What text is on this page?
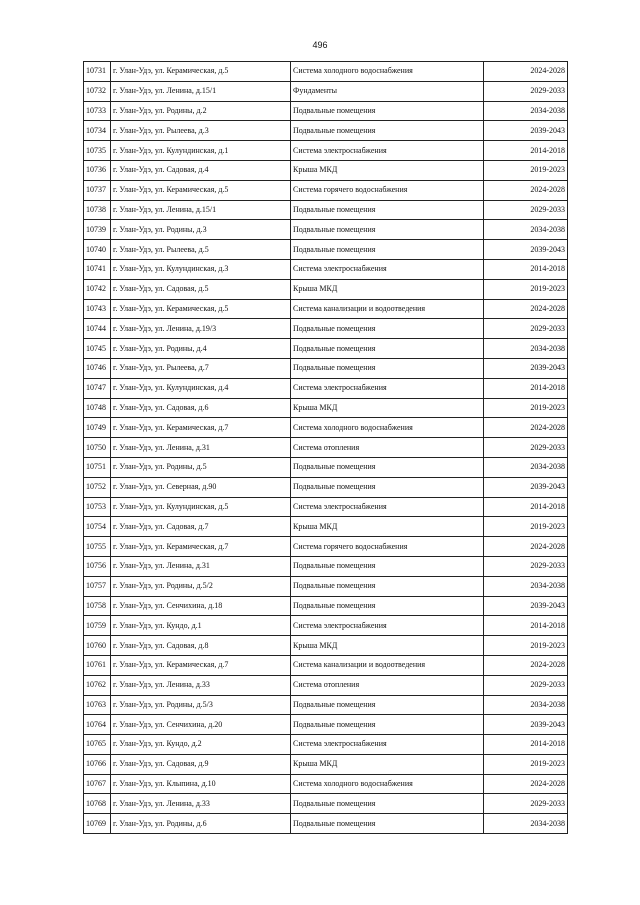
496
10731	г. Улан-Удэ, ул. Керамическая, д.5	Система холодного водоснабжения	2024-2028
10732	г. Улан-Удэ, ул. Ленина, д.15/1	Фундаменты	2029-2033
10733	г. Улан-Удэ, ул. Родины, д.2	Подвальные помещения	2034-2038
10734	г. Улан-Удэ, ул. Рылеева, д.3	Подвальные помещения	2039-2043
10735	г. Улан-Удэ, ул. Кулундинская, д.1	Система электроснабжения	2014-2018
10736	г. Улан-Удэ, ул. Садовая, д.4	Крыша МКД	2019-2023
10737	г. Улан-Удэ, ул. Керамическая, д.5	Система горячего водоснабжения	2024-2028
10738	г. Улан-Удэ, ул. Ленина, д.15/1	Подвальные помещения	2029-2033
10739	г. Улан-Удэ, ул. Родины, д.3	Подвальные помещения	2034-2038
10740	г. Улан-Удэ, ул. Рылеева, д.5	Подвальные помещения	2039-2043
10741	г. Улан-Удэ, ул. Кулундинская, д.3	Система электроснабжения	2014-2018
10742	г. Улан-Удэ, ул. Садовая, д.5	Крыша МКД	2019-2023
10743	г. Улан-Удэ, ул. Керамическая, д.5	Система канализации и водоотведения	2024-2028
10744	г. Улан-Удэ, ул. Ленина, д.19/3	Подвальные помещения	2029-2033
10745	г. Улан-Удэ, ул. Родины, д.4	Подвальные помещения	2034-2038
10746	г. Улан-Удэ, ул. Рылеева, д.7	Подвальные помещения	2039-2043
10747	г. Улан-Удэ, ул. Кулундинская, д.4	Система электроснабжения	2014-2018
10748	г. Улан-Удэ, ул. Садовая, д.6	Крыша МКД	2019-2023
10749	г. Улан-Удэ, ул. Керамическая, д.7	Система холодного водоснабжения	2024-2028
10750	г. Улан-Удэ, ул. Ленина, д.31	Система отопления	2029-2033
10751	г. Улан-Удэ, ул. Родины, д.5	Подвальные помещения	2034-2038
10752	г. Улан-Удэ, ул. Северная, д.90	Подвальные помещения	2039-2043
10753	г. Улан-Удэ, ул. Кулундинская, д.5	Система электроснабжения	2014-2018
10754	г. Улан-Удэ, ул. Садовая, д.7	Крыша МКД	2019-2023
10755	г. Улан-Удэ, ул. Керамическая, д.7	Система горячего водоснабжения	2024-2028
10756	г. Улан-Удэ, ул. Ленина, д.31	Подвальные помещения	2029-2033
10757	г. Улан-Удэ, ул. Родины, д.5/2	Подвальные помещения	2034-2038
10758	г. Улан-Удэ, ул. Сенчихина, д.18	Подвальные помещения	2039-2043
10759	г. Улан-Удэ, ул. Кундо, д.1	Система электроснабжения	2014-2018
10760	г. Улан-Удэ, ул. Садовая, д.8	Крыша МКД	2019-2023
10761	г. Улан-Удэ, ул. Керамическая, д.7	Система канализации и водоотведения	2024-2028
10762	г. Улан-Удэ, ул. Ленина, д.33	Система отопления	2029-2033
10763	г. Улан-Удэ, ул. Родины, д.5/3	Подвальные помещения	2034-2038
10764	г. Улан-Удэ, ул. Сенчихина, д.20	Подвальные помещения	2039-2043
10765	г. Улан-Удэ, ул. Кундо, д.2	Система электроснабжения	2014-2018
10766	г. Улан-Удэ, ул. Садовая, д.9	Крыша МКД	2019-2023
10767	г. Улан-Удэ, ул. Клыпина, д.10	Система холодного водоснабжения	2024-2028
10768	г. Улан-Удэ, ул. Ленина, д.33	Подвальные помещения	2029-2033
10769	г. Улан-Удэ, ул. Родины, д.6	Подвальные помещения	2034-2038
